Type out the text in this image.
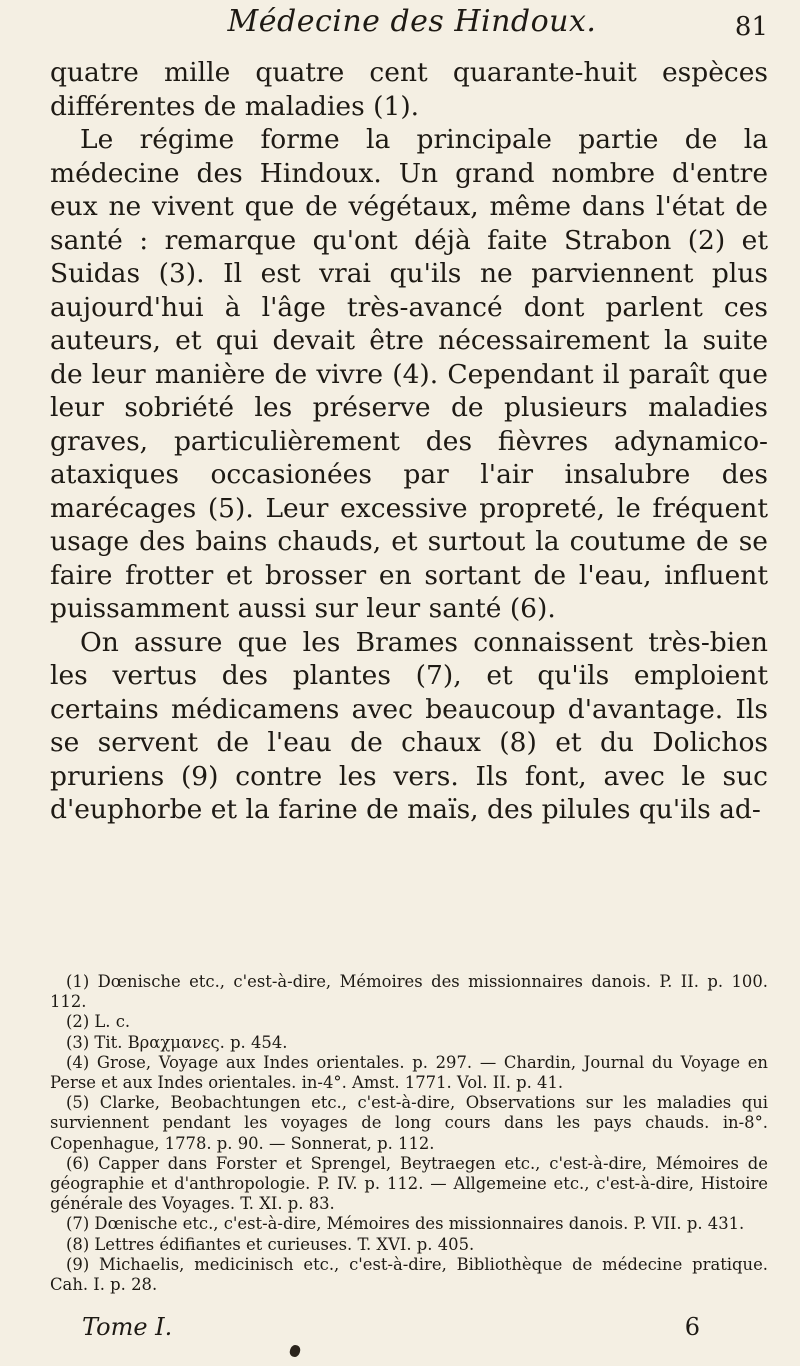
Médecine des Hindoux.	81

quatre mille quatre cent quarante-huit espèces différentes de maladies (1).

Le régime forme la principale partie de la médecine des Hindoux. Un grand nombre d'entre eux ne vivent que de végétaux, même dans l'état de santé : remarque qu'ont déjà faite Strabon (2) et Suidas (3). Il est vrai qu'ils ne parviennent plus aujourd'hui à l'âge très-avancé dont parlent ces auteurs, et qui devait être nécessairement la suite de leur manière de vivre (4). Cependant il paraît que leur sobriété les préserve de plusieurs maladies graves, particulièrement des fièvres adynamico-ataxiques occasionées par l'air insalubre des marécages (5). Leur excessive propreté, le fréquent usage des bains chauds, et surtout la coutume de se faire frotter et brosser en sortant de l'eau, influent puissamment aussi sur leur santé (6).

On assure que les Brames connaissent très-bien les vertus des plantes (7), et qu'ils emploient certains médicamens avec beaucoup d'avantage. Ils se servent de l'eau de chaux (8) et du Dolichos pruriens (9) contre les vers. Ils font, avec le suc d'euphorbe et la farine de maïs, des pilules qu'ils ad-

(1) Dœnische etc., c'est-à-dire, Mémoires des missionnaires danois. P. II. p. 100. 112.

(2) L. c.

(3) Tit. Βραχμανες. p. 454.

(4) Grose, Voyage aux Indes orientales. p. 297. — Chardin, Journal du Voyage en Perse et aux Indes orientales. in-4°. Amst. 1771. Vol. II. p. 41.

(5) Clarke, Beobachtungen etc., c'est-à-dire, Observations sur les maladies qui surviennent pendant les voyages de long cours dans les pays chauds. in-8°. Copenhague, 1778. p. 90. — Sonnerat, p. 112.

(6) Capper dans Forster et Sprengel, Beytraegen etc., c'est-à-dire, Mémoires de géographie et d'anthropologie. P. IV. p. 112. — Allgemeine etc., c'est-à-dire, Histoire générale des Voyages. T. XI. p. 83.

(7) Dœnische etc., c'est-à-dire, Mémoires des missionnaires danois. P. VII. p. 431.

(8) Lettres édifiantes et curieuses. T. XVI. p. 405.

(9) Michaelis, medicinisch etc., c'est-à-dire, Bibliothèque de médecine pratique. Cah. I. p. 28.

Tome I.	6
